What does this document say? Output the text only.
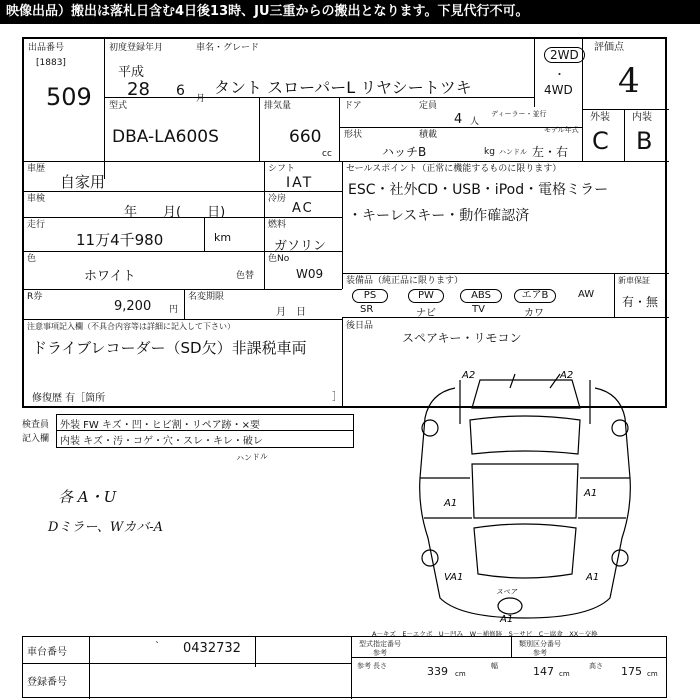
映像出品）搬出は落札日含む4日後13時、JU三重からの搬出となります。下見代行不可。
出品番号
[1883]
509
初度登録年月	車名・グレード
平成
28 6 月
タント スローパーL リヤシートツキ
2WD
・
4WD
評価点
4
外装 内装
C B
型式
DBA-LA600S
排気量
660
cc
ドア	定員
4 人
ディーラー・並行
モデル年式
形状
ハッチB
積載
kg ハンドル 左・右
車歴
自家用
車検
年　　月(　　日)
走行
11万4千980	km
色
ホワイト	色替
R券
9,200 円
名変期限
月　日
シフト
IAT
冷房
AC
燃料
ガソリン
色No
W09
セールスポイント（正常に機能するものに限ります）
ESC・社外CD・USB・iPod・電格ミラー
・キーレスキー・動作確認済
装備品（純正品に限ります）	新車保証
有・無
PS	PW	ABS	エアB	AW
SR	ナビ	TV	カワ
後日品
スペアキー・リモコン
注意事項記入欄（不具合内容等は詳細に記入して下さい）
ドライブレコーダー（SD欠）非課税車両
修復歴 有［箇所	］
検査員
記入欄
外装 FW キズ・凹・ヒビ割・リペア跡・×要
内装 キズ・汚・コゲ・穴・スレ・キレ・破レ
ハンドル
各 A・U
Dミラー、Wカバ-A
A2	A2
A1
A1
VA1	A1
A1
スペア
A－キズ　E－エクボ　U－凹み　W－補修跡　S－サビ　C－腐食　XX－交換
車台番号
` 0432732
登録番号
型式指定番号
参考
類別区分番号
参考
参考 長さ	339 cm
幅	147 cm
高さ 175 cm
